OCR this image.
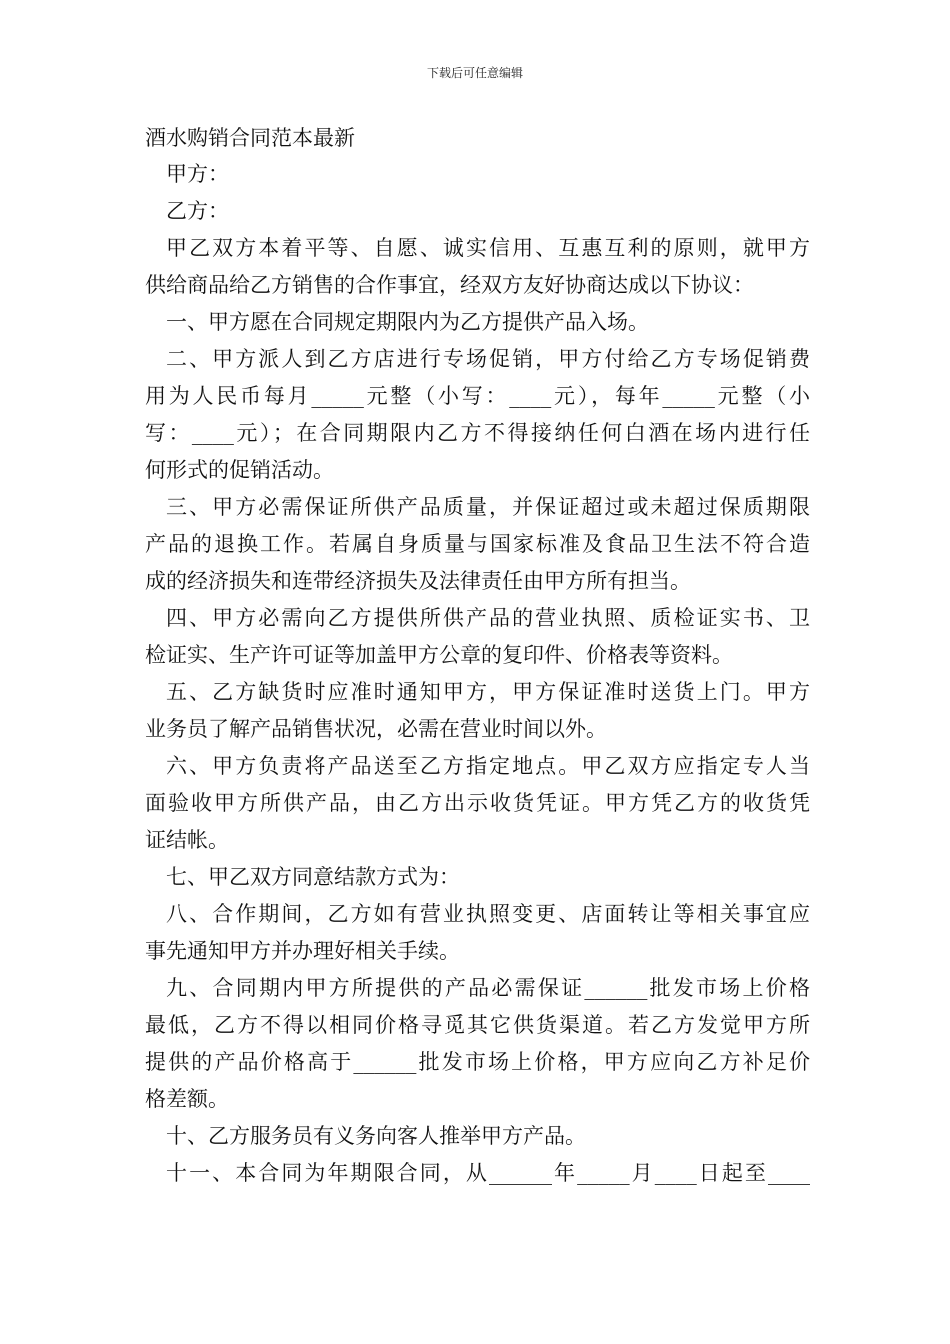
下载后可任意编辑
酒水购销合同范本最新
甲方：
乙方：
甲乙双方本着平等、自愿、诚实信用、互惠互利的原则，就甲方
供给商品给乙方销售的合作事宜，经双方友好协商达成以下协议：
一、甲方愿在合同规定期限内为乙方提供产品入场。
二、甲方派人到乙方店进行专场促销，甲方付给乙方专场促销费
用为人民币每月_____元整（小写：____元），每年_____元整（小
写：____元）；在合同期限内乙方不得接纳任何白酒在场内进行任
何形式的促销活动。
三、甲方必需保证所供产品质量，并保证超过或未超过保质期限
产品的退换工作。若属自身质量与国家标准及食品卫生法不符合造
成的经济损失和连带经济损失及法律责任由甲方所有担当。
四、甲方必需向乙方提供所供产品的营业执照、质检证实书、卫
检证实、生产许可证等加盖甲方公章的复印件、价格表等资料。
五、乙方缺货时应准时通知甲方，甲方保证准时送货上门。甲方
业务员了解产品销售状况，必需在营业时间以外。
六、甲方负责将产品送至乙方指定地点。甲乙双方应指定专人当
面验收甲方所供产品，由乙方出示收货凭证。甲方凭乙方的收货凭
证结帐。
七、甲乙双方同意结款方式为：
八、合作期间，乙方如有营业执照变更、店面转让等相关事宜应
事先通知甲方并办理好相关手续。
九、合同期内甲方所提供的产品必需保证______批发市场上价格
最低，乙方不得以相同价格寻觅其它供货渠道。若乙方发觉甲方所
提供的产品价格高于______批发市场上价格，甲方应向乙方补足价
格差额。
十、乙方服务员有义务向客人推举甲方产品。
十一、本合同为年期限合同，从______年_____月____日起至____
